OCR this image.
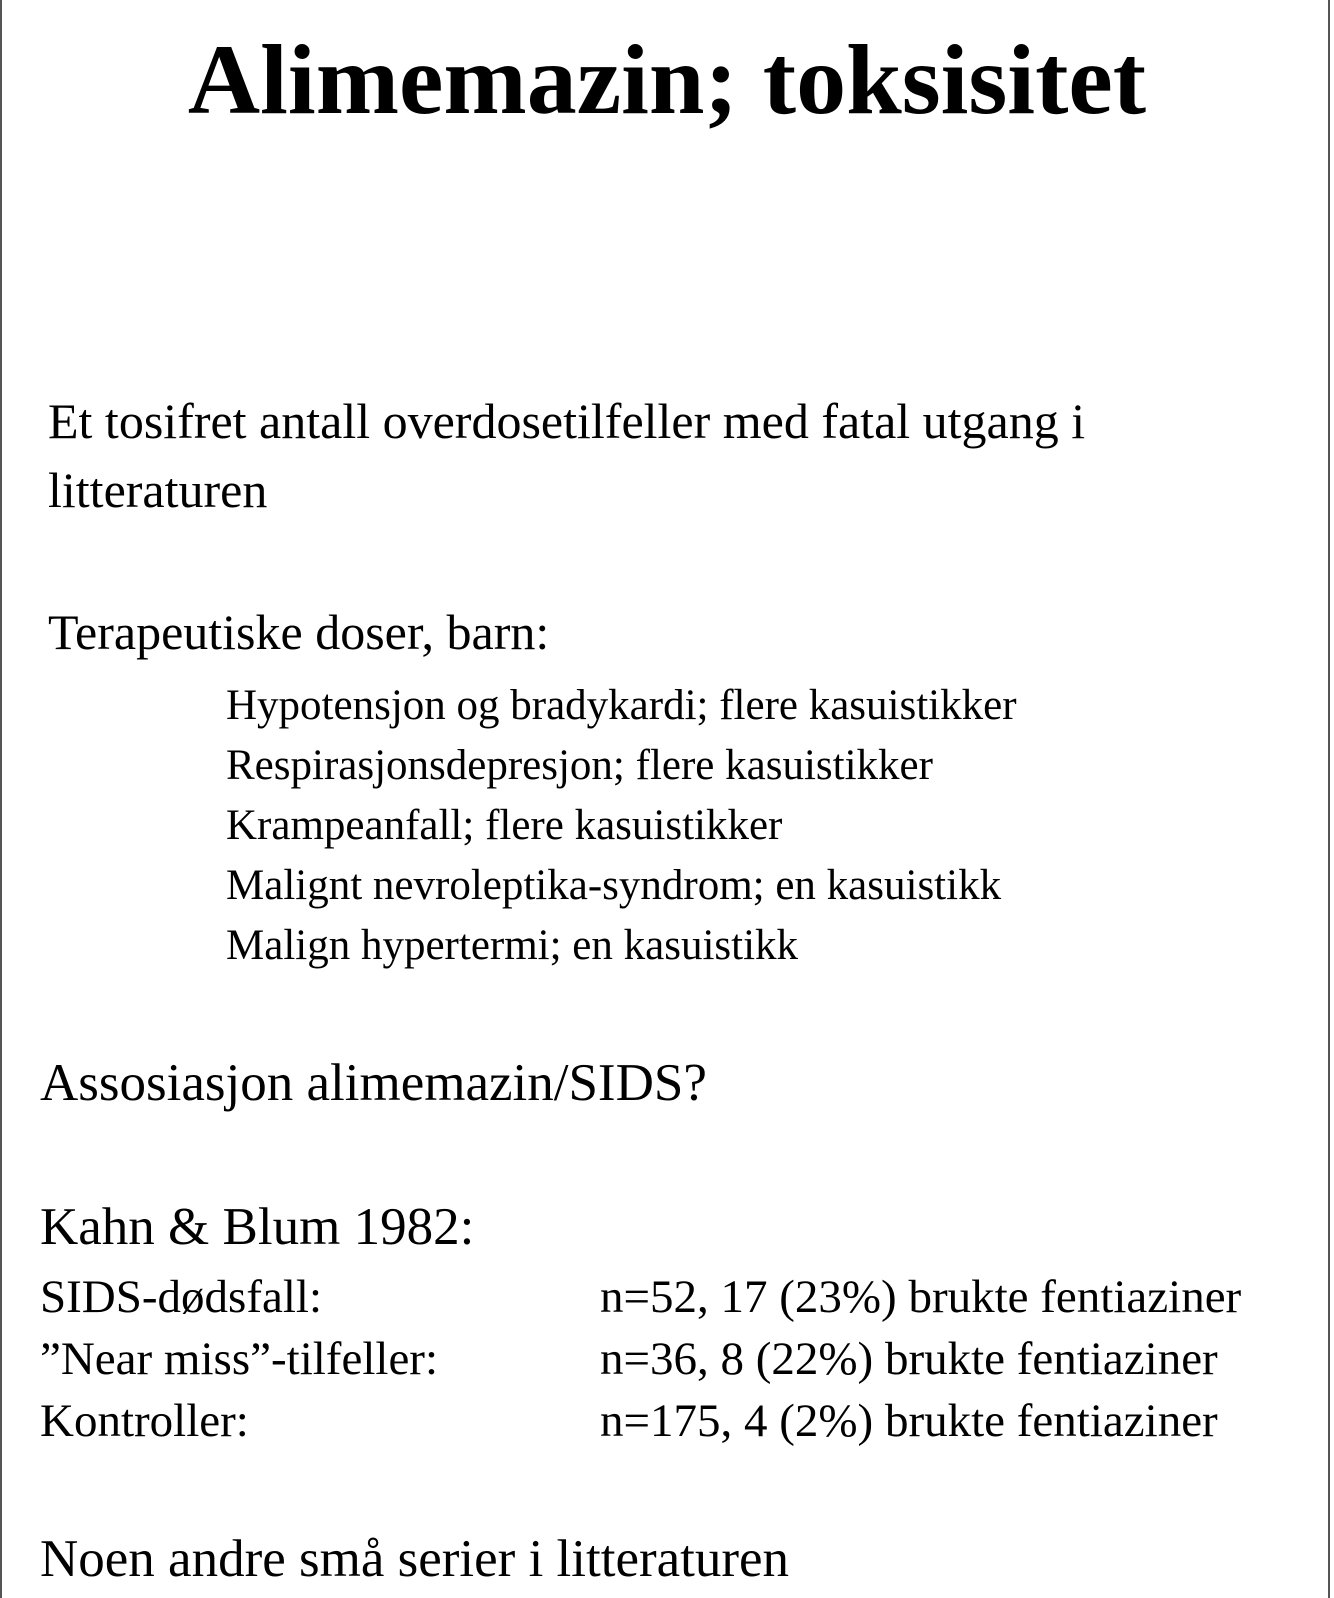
Alimemazin; toksisitet

Et tosifret antall overdosetilfeller med fatal utgang i

litteraturen

Terapeutiske doser, barn:

Hypotensjon og bradykardi; flere kasuistikker
Respirasjonsdepresjon; flere kasuistikker
Krampeanfall; flere kasuistikker
Malignt nevroleptika-syndrom; en kasuistikk
Malign hypertermi; en kasuistikk

Assosiasjon alimemazin/SIDS?

Kahn & Blum 1982:

SIDS-dødsfall:	n=52, 17 (23%) brukte fentiaziner
”Near miss”-tilfeller:	n=36, 8 (22%) brukte fentiaziner
Kontroller:	n=175, 4 (2%) brukte fentiaziner

Noen andre små serier i litteraturen
